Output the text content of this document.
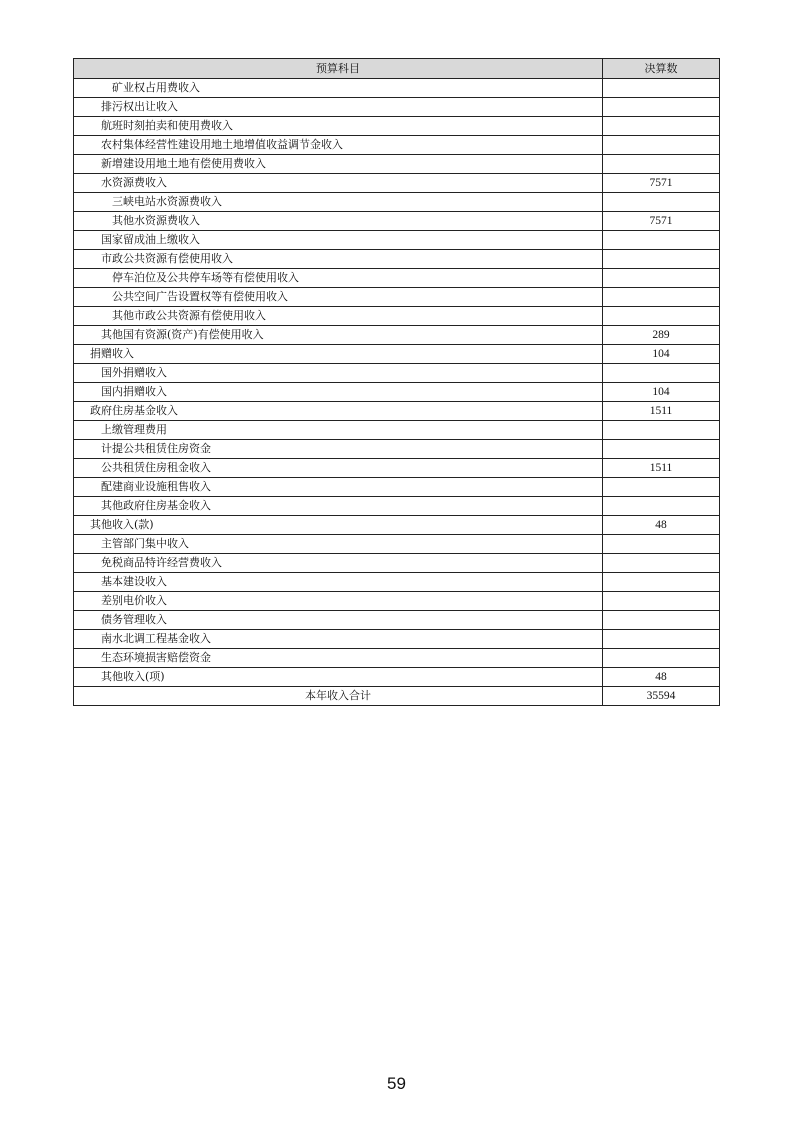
预算科目	决算数
矿业权占用费收入	
排污权出让收入	
航班时刻拍卖和使用费收入	
农村集体经营性建设用地土地增值收益调节金收入	
新增建设用地土地有偿使用费收入	
水资源费收入	7571
三峡电站水资源费收入	
其他水资源费收入	7571
国家留成油上缴收入	
市政公共资源有偿使用收入	
停车泊位及公共停车场等有偿使用收入	
公共空间广告设置权等有偿使用收入	
其他市政公共资源有偿使用收入	
其他国有资源(资产)有偿使用收入	289
捐赠收入	104
国外捐赠收入	
国内捐赠收入	104
政府住房基金收入	1511
上缴管理费用	
计提公共租赁住房资金	
公共租赁住房租金收入	1511
配建商业设施租售收入	
其他政府住房基金收入	
其他收入(款)	48
主管部门集中收入	
免税商品特许经营费收入	
基本建设收入	
差别电价收入	
债务管理收入	
南水北调工程基金收入	
生态环境损害赔偿资金	
其他收入(项)	48
本年收入合计	35594
59
